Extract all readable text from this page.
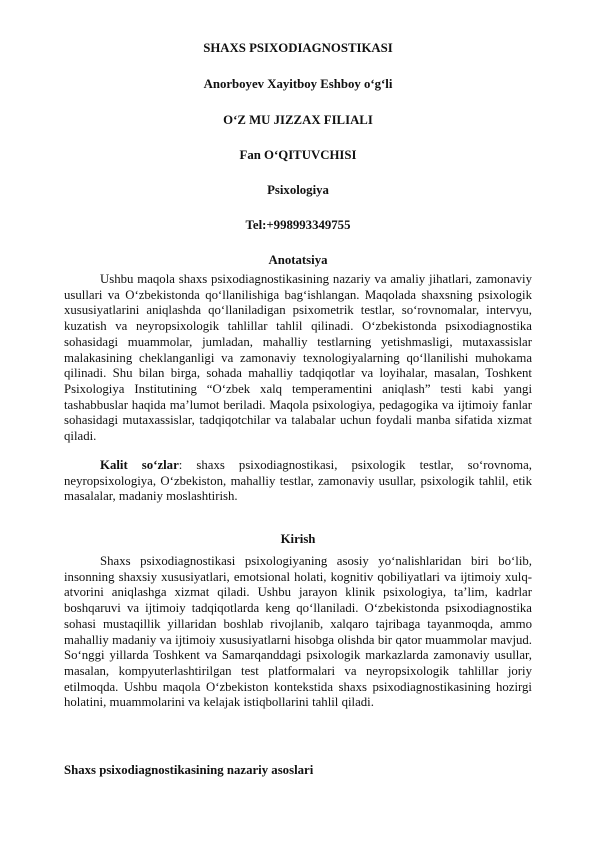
SHAXS PSIXODIAGNOSTIKASI
Anorboyev Xayitboy Eshboy o‘g‘li
O‘Z MU JIZZAX FILIALI
Fan O‘QITUVCHISI
Psixologiya
Tel:+998993349755
Anotatsiya

Ushbu maqola shaxs psixodiagnostikasining nazariy va amaliy jihatlari, zamonaviy usullari va O‘zbekistonda qo‘llanilishiga bag‘ishlangan. Maqolada shaxsning psixologik xususiyatlarini aniqlashda qo‘llaniladigan psixometrik testlar, so‘rovnomalar, intervyu, kuzatish va neyropsixologik tahlillar tahlil qilinadi. O‘zbekistonda psixodiagnostika sohasidagi muammolar, jumladan, mahalliy testlarning yetishmasligi, mutaxassislar malakasining cheklanganligi va zamonaviy texnologiyalarning qo‘llanilishi muhokama qilinadi. Shu bilan birga, sohada mahalliy tadqiqotlar va loyihalar, masalan, Toshkent Psixologiya Institutining “O‘zbek xalq temperamentini aniqlash” testi kabi yangi tashabbuslar haqida ma’lumot beriladi. Maqola psixologiya, pedagogika va ijtimoiy fanlar sohasidagi mutaxassislar, tadqiqotchilar va talabalar uchun foydali manba sifatida xizmat qiladi.

Kalit so‘zlar: shaxs psixodiagnostikasi, psixologik testlar, so‘rovnoma, neyropsixologiya, O‘zbekiston, mahalliy testlar, zamonaviy usullar, psixologik tahlil, etik masalalar, madaniy moslashtirish.

Kirish

Shaxs psixodiagnostikasi psixologiyaning asosiy yo‘nalishlaridan biri bo‘lib, insonning shaxsiy xususiyatlari, emotsional holati, kognitiv qobiliyatlari va ijtimoiy xulq-atvorini aniqlashga xizmat qiladi. Ushbu jarayon klinik psixologiya, ta’lim, kadrlar boshqaruvi va ijtimoiy tadqiqotlarda keng qo‘llaniladi. O‘zbekistonda psixodiagnostika sohasi mustaqillik yillaridan boshlab rivojlanib, xalqaro tajribaga tayanmoqda, ammo mahalliy madaniy va ijtimoiy xususiyatlarni hisobga olishda bir qator muammolar mavjud. So‘nggi yillarda Toshkent va Samarqanddagi psixologik markazlarda zamonaviy usullar, masalan, kompyuterlashtirilgan test platformalari va neyropsixologik tahlillar joriy etilmoqda. Ushbu maqola O‘zbekiston kontekstida shaxs psixodiagnostikasining hozirgi holatini, muammolarini va kelajak istiqbollarini tahlil qiladi.

Shaxs psixodiagnostikasining nazariy asoslari
